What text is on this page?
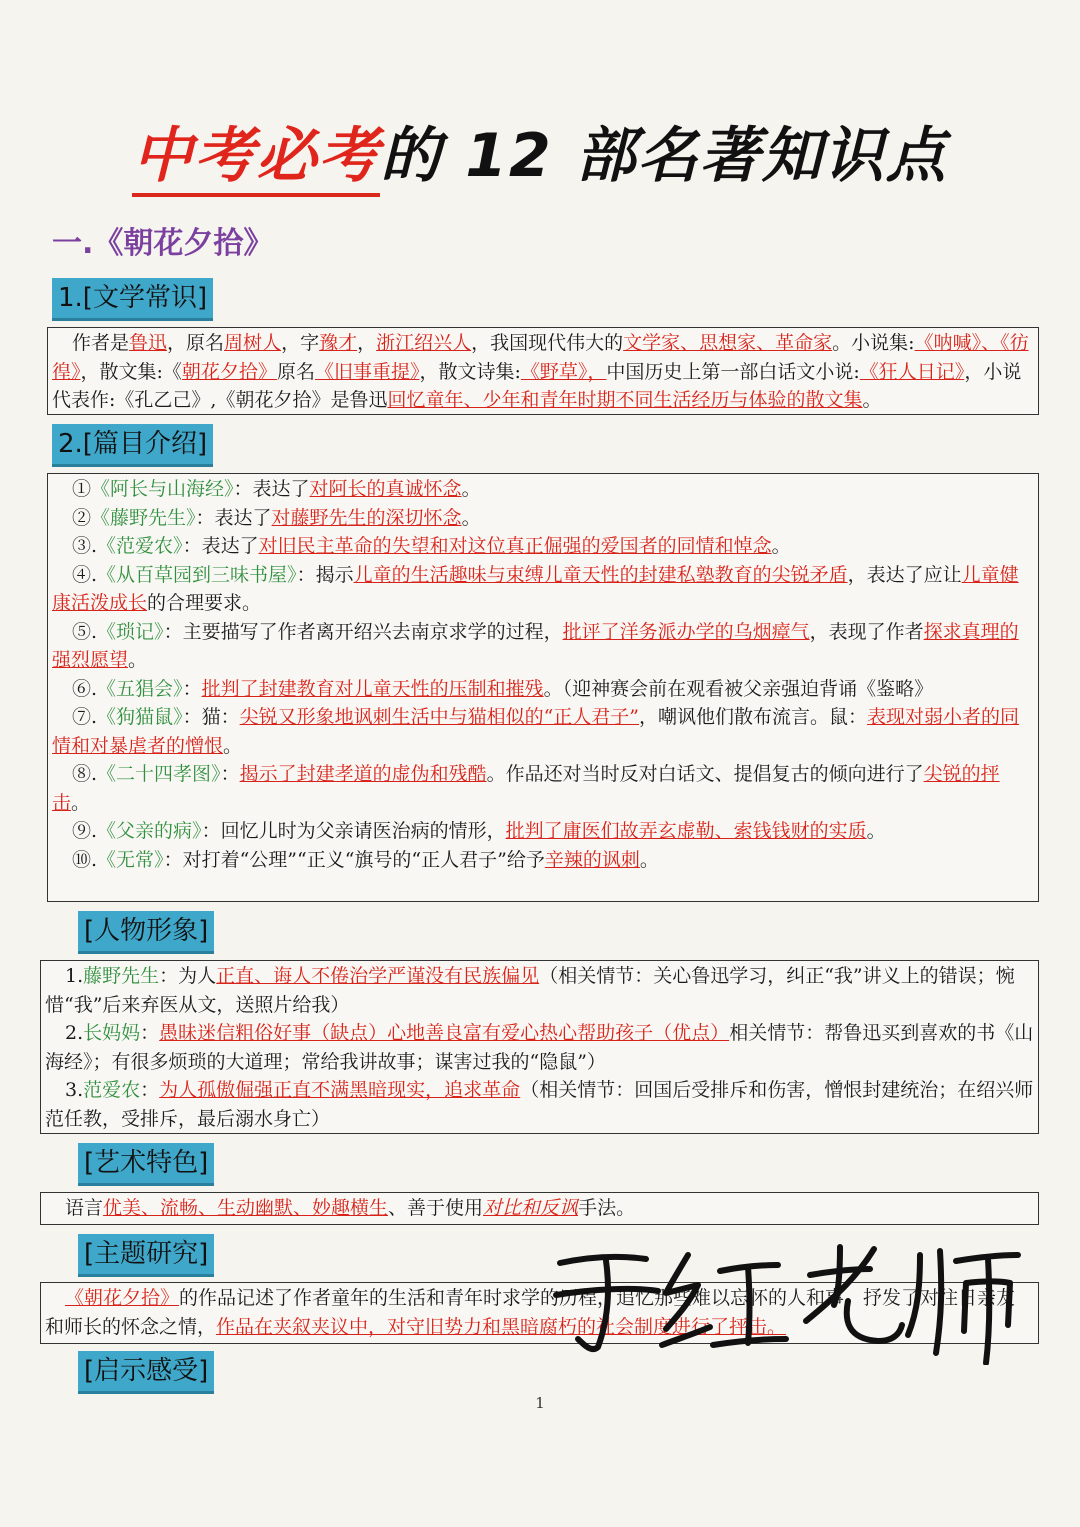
中考必考的 12 部名著知识点
一.《朝花夕拾》
1.[文学常识]

作者是鲁迅，原名周树人，字豫才，浙江绍兴人，我国现代伟大的文学家、思想家、革命家。小说集:《呐喊》、《彷徨》，散文集:《朝花夕拾》原名《旧事重提》，散文诗集:《野草》，中国历史上第一部白话文小说:《狂人日记》，小说代表作:《孔乙己》,《朝花夕拾》是鲁迅回忆童年、少年和青年时期不同生活经历与体验的散文集。

2.[篇目介绍]

①《阿长与山海经》：表达了对阿长的真诚怀念。

②《藤野先生》：表达了对藤野先生的深切怀念。

③.《范爱农》：表达了对旧民主革命的失望和对这位真正倔强的爱国者的同情和悼念。

④.《从百草园到三味书屋》：揭示儿童的生活趣味与束缚儿童天性的封建私塾教育的尖锐矛盾，表达了应让儿童健康活泼成长的合理要求。

⑤.《琐记》：主要描写了作者离开绍兴去南京求学的过程，批评了洋务派办学的乌烟瘴气，表现了作者探求真理的强烈愿望。

⑥.《五猖会》：批判了封建教育对儿童天性的压制和摧残。（迎神赛会前在观看被父亲强迫背诵《鉴略》

⑦.《狗猫鼠》：猫：尖锐又形象地讽刺生活中与猫相似的“正人君子”，嘲讽他们散布流言。鼠：表现对弱小者的同情和对暴虐者的憎恨。

⑧.《二十四孝图》：揭示了封建孝道的虚伪和残酷。作品还对当时反对白话文、提倡复古的倾向进行了尖锐的抨击。

⑨.《父亲的病》：回忆儿时为父亲请医治病的情形，批判了庸医们故弄玄虚勒、索钱钱财的实质。

⑩.《无常》：对打着“公理”“正义“旗号的“正人君子”给予辛辣的讽刺。

[人物形象]

1.藤野先生：为人正直、诲人不倦治学严谨没有民族偏见（相关情节：关心鲁迅学习，纠正“我”讲义上的错误；惋惜“我”后来弃医从文，送照片给我）

2.长妈妈：愚昧迷信粗俗好事（缺点）心地善良富有爱心热心帮助孩子（优点）相关情节：帮鲁迅买到喜欢的书《山海经》；有很多烦琐的大道理；常给我讲故事；谋害过我的“隐鼠”）

3.范爱农：为人孤傲倔强正直不满黑暗现实，追求革命（相关情节：回国后受排斥和伤害，憎恨封建统治；在绍兴师范任教，受排斥，最后溺水身亡）

[艺术特色]

语言优美、流畅、生动幽默、妙趣横生、善于使用对比和反讽手法。

[主题研究]

《朝花夕拾》的作品记述了作者童年的生活和青年时求学的历程，追忆那些难以忘怀的人和事，抒发了对往日亲友和师长的怀念之情，作品在夹叙夹议中，对守旧势力和黑暗腐朽的社会制度进行了抨击。

[启示感受]
1
